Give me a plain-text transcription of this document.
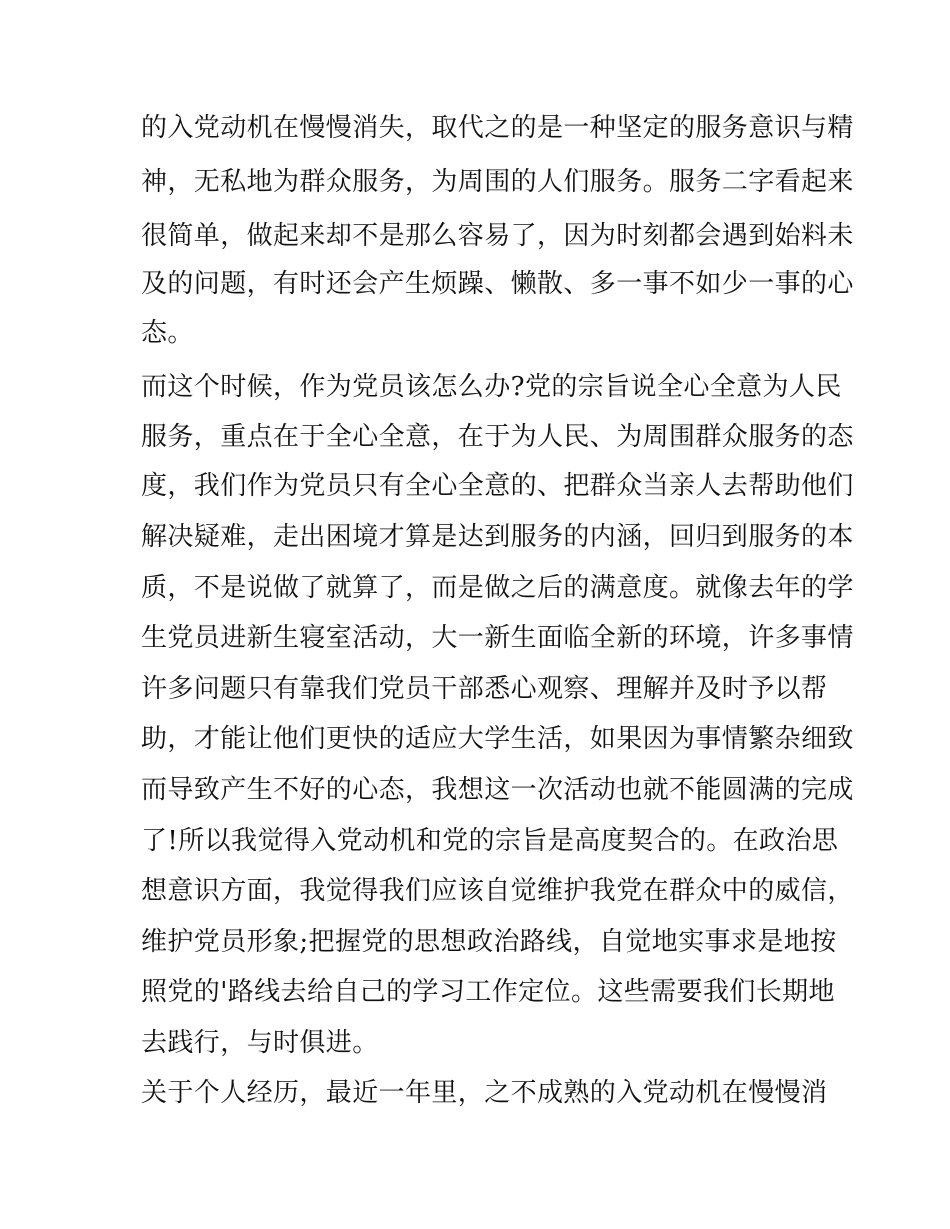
的入党动机在慢慢消失，取代之的是一种坚定的服务意识与精
神，无私地为群众服务，为周围的人们服务。服务二字看起来
很简单，做起来却不是那么容易了，因为时刻都会遇到始料未
及的问题，有时还会产生烦躁、懒散、多一事不如少一事的心
态。
而这个时候，作为党员该怎么办?党的宗旨说全心全意为人民
服务，重点在于全心全意，在于为人民、为周围群众服务的态
度，我们作为党员只有全心全意的、把群众当亲人去帮助他们
解决疑难，走出困境才算是达到服务的内涵，回归到服务的本
质，不是说做了就算了，而是做之后的满意度。就像去年的学
生党员进新生寝室活动，大一新生面临全新的环境，许多事情
许多问题只有靠我们党员干部悉心观察、理解并及时予以帮
助，才能让他们更快的适应大学生活，如果因为事情繁杂细致
而导致产生不好的心态，我想这一次活动也就不能圆满的完成
了!所以我觉得入党动机和党的宗旨是高度契合的。在政治思
想意识方面，我觉得我们应该自觉维护我党在群众中的威信，
维护党员形象;把握党的思想政治路线，自觉地实事求是地按
照党的'路线去给自己的学习工作定位。这些需要我们长期地
去践行，与时俱进。
关于个人经历，最近一年里，之不成熟的入党动机在慢慢消
